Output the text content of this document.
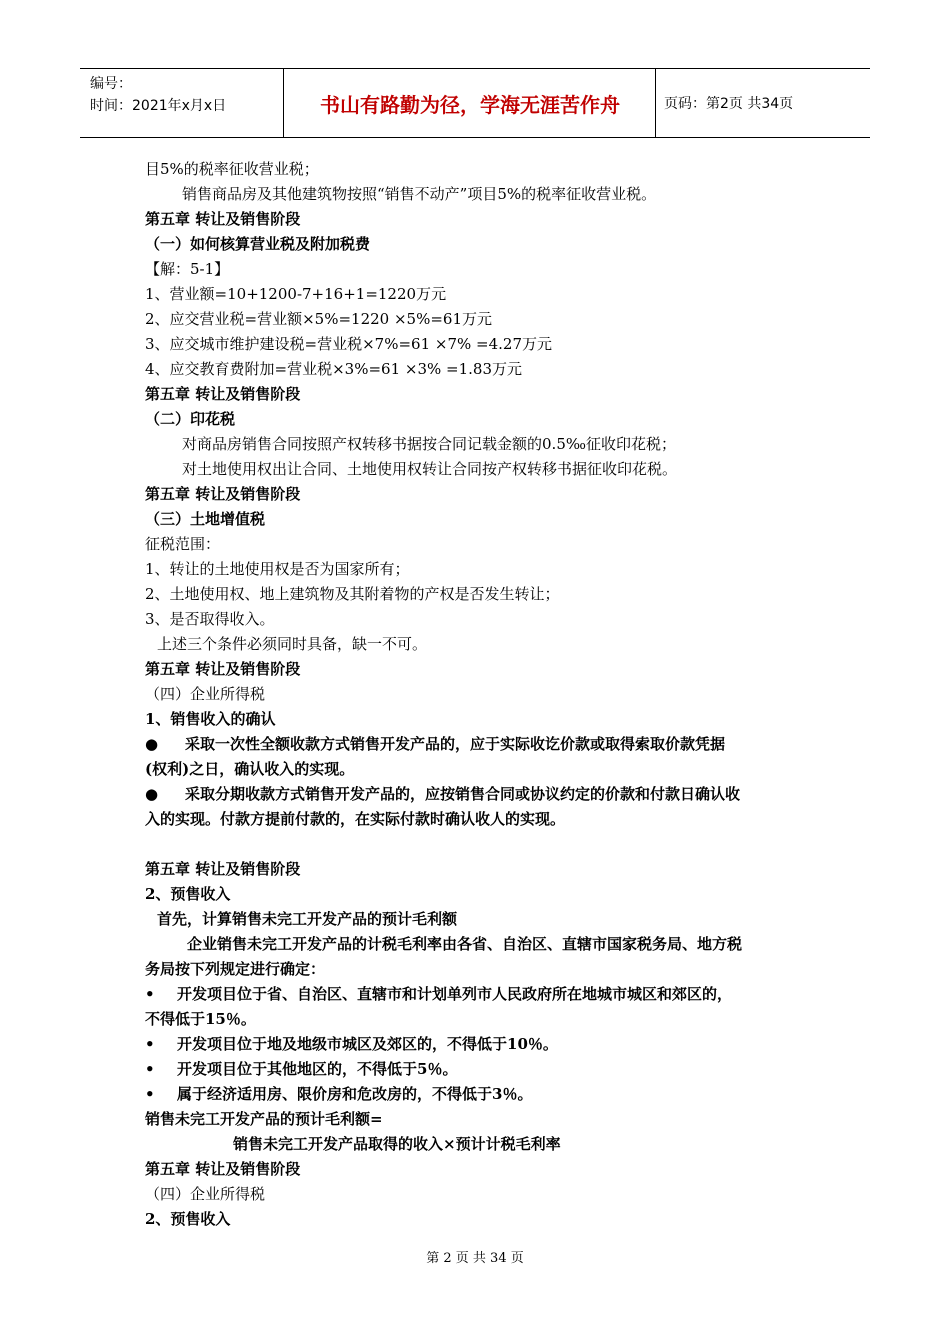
编号：
时间：2021年x月x日	书山有路勤为径，学海无涯苦作舟	页码：第2页 共34页
目5%的税率征收营业税；
销售商品房及其他建筑物按照“销售不动产”项目5%的税率征收营业税。
第五章 转让及销售阶段
（一）如何核算营业税及附加税费
【解：5-1】
1、营业额=10+1200-7+16+1=1220万元
2、应交营业税=营业额×5%=1220 ×5%=61万元
3、应交城市维护建设税=营业税×7%=61 ×7% =4.27万元
4、应交教育费附加=营业税×3%=61 ×3% =1.83万元
第五章 转让及销售阶段
（二）印花税
对商品房销售合同按照产权转移书据按合同记载金额的0.5‰征收印花税；
对土地使用权出让合同、土地使用权转让合同按产权转移书据征收印花税。
第五章 转让及销售阶段
（三）土地增值税
征税范围：
1、转让的土地使用权是否为国家所有；
2、土地使用权、地上建筑物及其附着物的产权是否发生转让；
3、是否取得收入。
上述三个条件必须同时具备，缺一不可。
第五章 转让及销售阶段
（四）企业所得税
1、销售收入的确认
● 采取一次性全额收款方式销售开发产品的，应于实际收讫价款或取得索取价款凭据
(权利)之日，确认收入的实现。
● 采取分期收款方式销售开发产品的，应按销售合同或协议约定的价款和付款日确认收
入的实现。付款方提前付款的，在实际付款时确认收人的实现。
第五章 转让及销售阶段
2、预售收入
首先，计算销售未完工开发产品的预计毛利额
企业销售未完工开发产品的计税毛利率由各省、自治区、直辖市国家税务局、地方税
务局按下列规定进行确定：
• 开发项目位于省、自治区、直辖市和计划单列市人民政府所在地城市城区和郊区的，
不得低于15％。
• 开发项目位于地及地级市城区及郊区的，不得低于10％。
• 开发项目位于其他地区的，不得低于5％。
• 属于经济适用房、限价房和危改房的，不得低于3％。
销售未完工开发产品的预计毛利额=
销售未完工开发产品取得的收入×预计计税毛利率
第五章 转让及销售阶段
（四）企业所得税
2、预售收入
第 2 页 共 34 页
